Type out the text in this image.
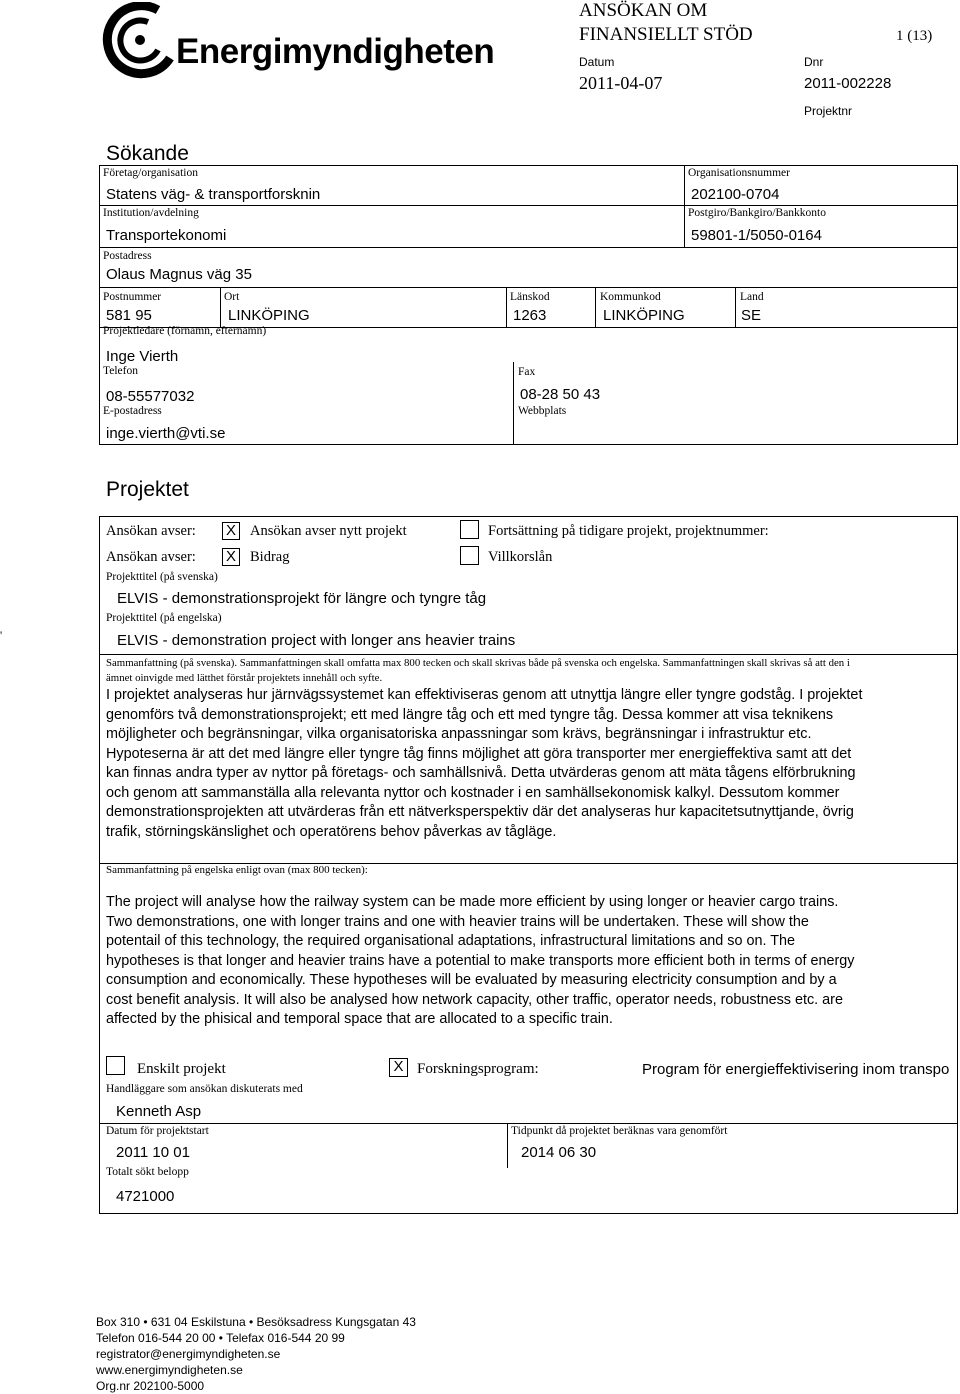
Energimyndigheten
ANSÖKAN OM
FINANSIELLT STÖD	1 (13)
Datum
2011-04-07
Dnr
2011-002228
Projektnr
Sökande
Företag/organisation
Statens väg- & transportforsknin
Organisationsnummer
202100-0704
Institution/avdelning
Transportekonomi
Postgiro/Bankgiro/Bankkonto
59801-1/5050-0164
Postadress
Olaus Magnus väg 35
Postnummer
581 95
Ort
LINKÖPING
Länskod
1263
Kommunkod
LINKÖPING
Land
SE
Projektledare (förnamn, efternamn)
Inge Vierth
Telefon
08-55577032
Fax
08-28 50 43
E-postadress
inge.vierth@vti.se
Webbplats
Projektet
'
Ansökan avser: X Ansökan avser nytt projekt	Fortsättning på tidigare projekt, projektnummer:
Ansökan avser: X Bidrag	Villkorslån
Projekttitel (på svenska)
ELVIS - demonstrationsprojekt för längre och tyngre tåg
Projekttitel (på engelska)
ELVIS - demonstration project with longer ans heavier trains
Sammanfattning (på svenska). Sammanfattningen skall omfatta max 800 tecken och skall skrivas både på svenska och engelska. Sammanfattningen skall skrivas så att den i ämnet oinvigde med lätthet förstår projektets innehåll och syfte.
I projektet analyseras hur järnvägssystemet kan effektiviseras genom att utnyttja längre eller tyngre godståg. I projektet genomförs två demonstrationsprojekt; ett med längre tåg och ett med tyngre tåg. Dessa kommer att visa teknikens möjligheter och begränsningar, vilka organisatoriska anpassningar som krävs, begränsningar i infrastruktur etc. Hypoteserna är att det med längre eller tyngre tåg finns möjlighet att göra transporter mer energieffektiva samt att det kan finnas andra typer av nyttor på företags- och samhällsnivå. Detta utvärderas genom att mäta tågens elförbrukning och genom att sammanställa alla relevanta nyttor och kostnader i en samhällsekonomisk kalkyl. Dessutom kommer demonstrationsprojekten att utvärderas från ett nätverksperspektiv där det analyseras hur kapacitetsutnyttjande, övrig trafik, störningskänslighet och operatörens behov påverkas av tågläge.
Sammanfattning på engelska enligt ovan (max 800 tecken):
The project will analyse how the railway system can be made more efficient by using longer or heavier cargo trains. Two demonstrations, one with longer trains and one with heavier trains will be undertaken. These will show the potentail of this technology, the required organisational adaptations, infrastructural limitations and so on. The hypotheses is that longer and heavier trains have a potential to make transports more efficient both in terms of energy consumption and economically. These hypotheses will be evaluated by measuring electricity consumption and by a cost benefit analysis. It will also be analysed how network capacity, other traffic, operator needs, robustness etc. are affected by the phisical and temporal space that are allocated to a specific train.
Enskilt projekt	X Forskningsprogram:	Program för energieffektivisering inom transpo
Handläggare som ansökan diskuterats med
Kenneth Asp
Datum för projektstart
2011 10 01
Tidpunkt då projektet beräknas vara genomfört
2014 06 30
Totalt sökt belopp
4721000
Box 310 • 631 04 Eskilstuna • Besöksadress Kungsgatan 43
Telefon 016-544 20 00 • Telefax 016-544 20 99
registrator@energimyndigheten.se
www.energimyndigheten.se
Org.nr 202100-5000
